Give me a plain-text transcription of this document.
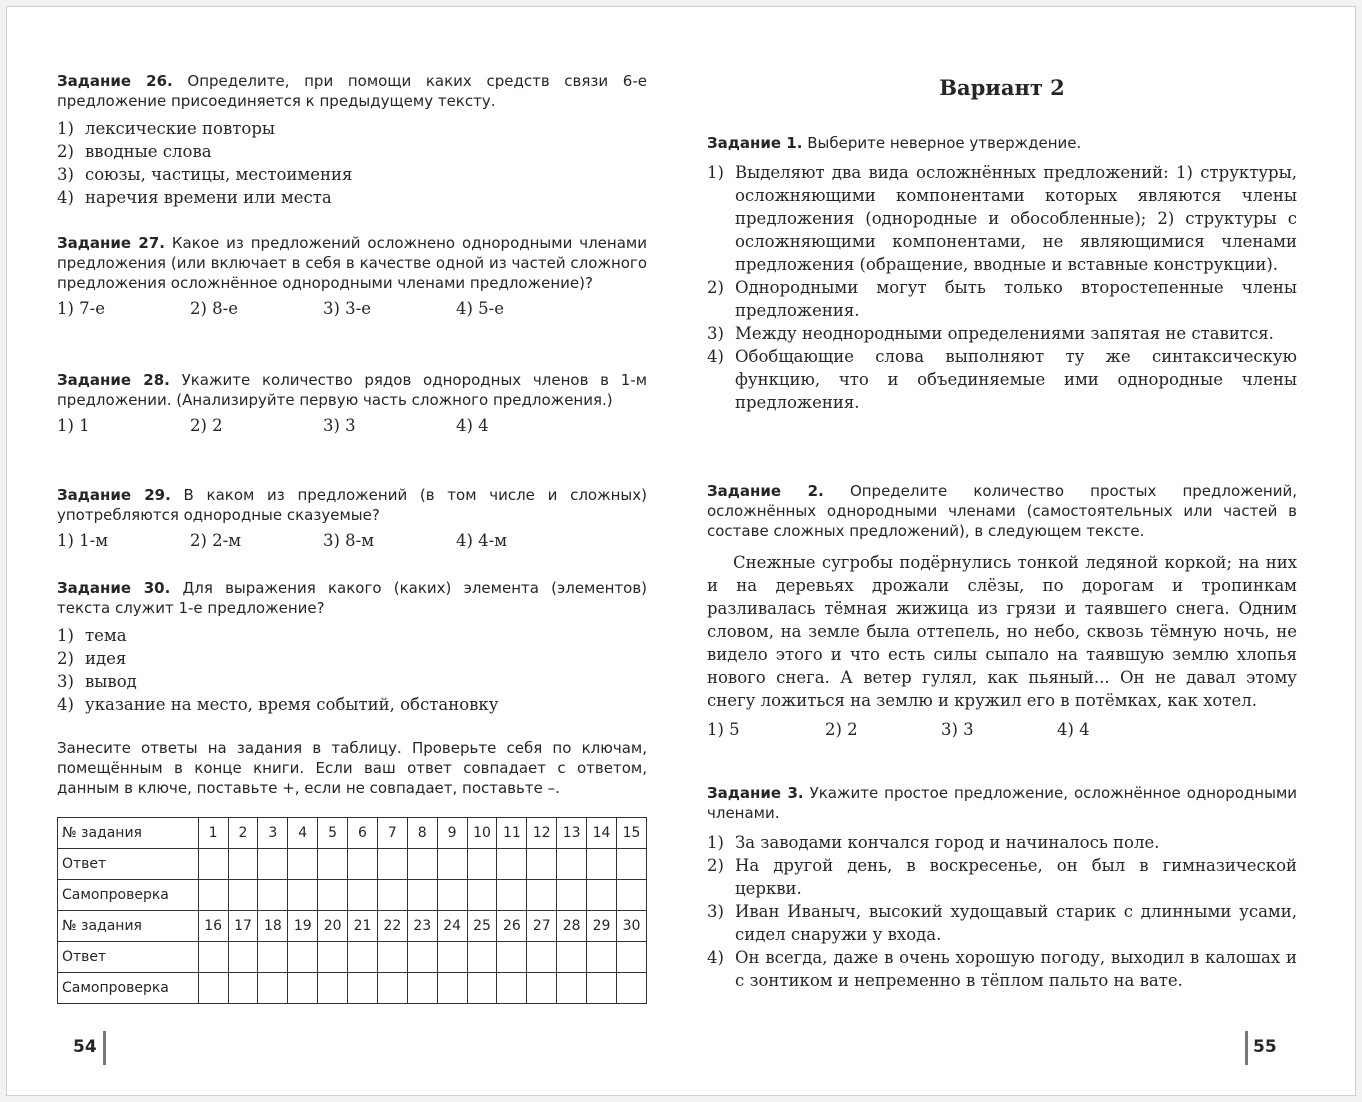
Задание 26. Определите, при помощи каких средств связи 6-е предложение присоединяется к предыдущему тексту.

1) лексические повторы
2) вводные слова
3) союзы, частицы, местоимения
4) наречия времени или места

Задание 27. Какое из предложений осложнено однородными членами предложения (или включает в себя в качестве одной из частей сложного предложения осложнённое однородными членами предложение)?

1) 7-е	2) 8-е	3) 3-е	4) 5-е

Задание 28. Укажите количество рядов однородных членов в 1-м предложении. (Анализируйте первую часть сложного предложения.)

1) 1	2) 2	3) 3	4) 4

Задание 29. В каком из предложений (в том числе и сложных) употребляются однородные сказуемые?

1) 1-м	2) 2-м	3) 8-м	4) 4-м

Задание 30. Для выражения какого (каких) элемента (элементов) текста служит 1-е предложение?

1) тема
2) идея
3) вывод
4) указание на место, время событий, обстановку

Занесите ответы на задания в таблицу. Проверьте себя по ключам, помещённым в конце книги. Если ваш ответ совпадает с ответом, данным в ключе, поставьте +, если не совпадает, поставьте –.

№ задания	1	2	3	4	5	6	7	8	9	10	11	12	13	14	15
Ответ															
Самопроверка															
№ задания	16	17	18	19	20	21	22	23	24	25	26	27	28	29	30
Ответ															
Самопроверка															
54
Вариант 2

Задание 1. Выберите неверное утверждение.

1) Выделяют два вида осложнённых предложений: 1) структуры, осложняющими компонентами которых являются члены предложения (однородные и обособленные); 2) структуры с осложняющими компонентами, не являющимися членами предложения (обращение, вводные и вставные конструкции).
2) Однородными могут быть только второстепенные члены предложения.
3) Между неоднородными определениями запятая не ставится.
4) Обобщающие слова выполняют ту же синтаксическую функцию, что и объединяемые ими однородные члены предложения.

Задание 2. Определите количество простых предложений, осложнённых однородными членами (самостоятельных или частей в составе сложных предложений), в следующем тексте.

Снежные сугробы подёрнулись тонкой ледяной коркой; на них и на деревьях дрожали слёзы, по дорогам и тропинкам разливалась тёмная жижица из грязи и таявшего снега. Одним словом, на земле была оттепель, но небо, сквозь тёмную ночь, не видело этого и что есть силы сыпало на таявшую землю хлопья нового снега. А ветер гулял, как пьяный... Он не давал этому снегу ложиться на землю и кружил его в потёмках, как хотел.

1) 5	2) 2	3) 3	4) 4

Задание 3. Укажите простое предложение, осложнённое однородными членами.

1) За заводами кончался город и начиналось поле.
2) На другой день, в воскресенье, он был в гимназической церкви.
3) Иван Иваныч, высокий худощавый старик с длинными усами, сидел снаружи у входа.
4) Он всегда, даже в очень хорошую погоду, выходил в калошах и с зонтиком и непременно в тёплом пальто на вате.
55
